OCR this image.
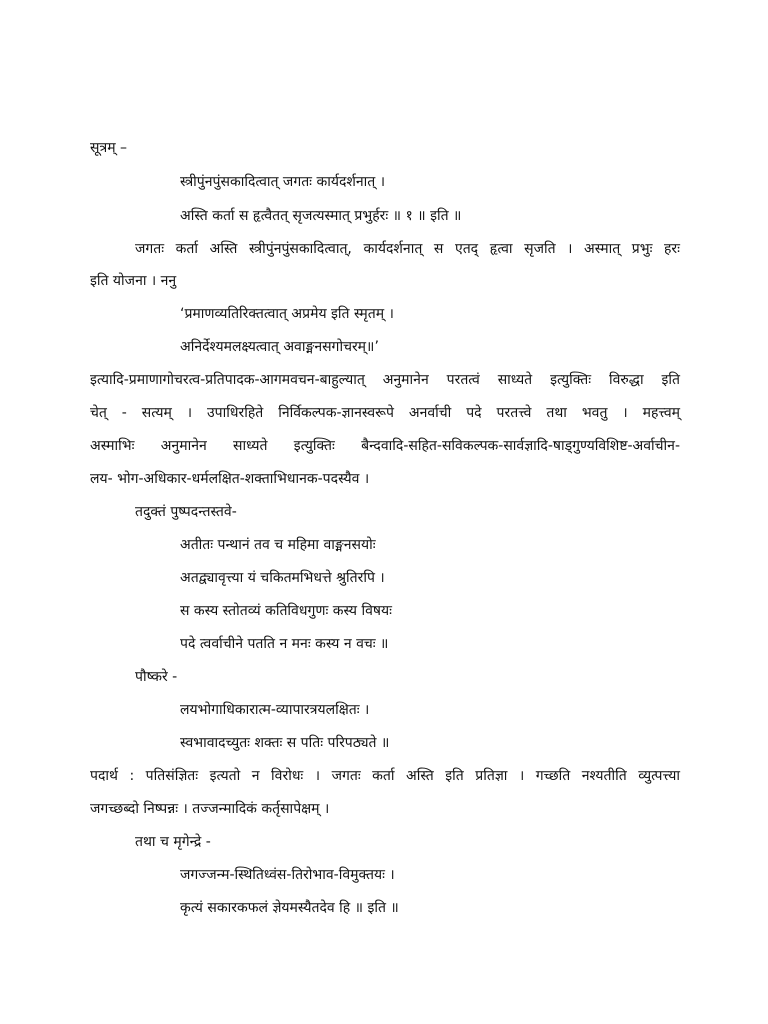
सूत्रम् –
स्त्रीपुंनपुंसकादित्वात् जगतः कार्यदर्शनात् ।
अस्ति कर्ता स हृत्वैतत् सृजत्यस्मात् प्रभुर्हरः ॥ १ ॥ इति ॥
जगतः कर्ता अस्ति स्त्रीपुंनपुंसकादित्वात्, कार्यदर्शनात् स एतद् हृत्वा सृजति । अस्मात् प्रभुः हरः
इति योजना । ननु
‘प्रमाणव्यतिरिक्तत्वात् अप्रमेय इति स्मृतम् ।
अनिर्देश्यमलक्ष्यत्वात् अवाङ्मनसगोचरम्॥’
इत्यादि-प्रमाणागोचरत्व-प्रतिपादक-आगमवचन-बाहुल्यात् अनुमानेन परतत्वं साध्यते इत्युक्तिः विरुद्धा इति
चेत् - सत्यम् । उपाधिरहिते निर्विकल्पक-ज्ञानस्वरूपे अनर्वाची पदे परतत्त्वे तथा भवतु । महत्त्वम्
अस्माभिः अनुमानेन साध्यते इत्युक्तिः बैन्दवादि-सहित-सविकल्पक-सार्वज्ञादि-षाड्गुण्यविशिष्ट-अर्वाचीन-
लय- भोग-अधिकार-धर्मलक्षित-शक्ताभिधानक-पदस्यैव ।
तदुक्तं पुष्पदन्तस्तवे-
अतीतः पन्थानं तव च महिमा वाङ्मनसयोः
अतद्व्यावृत्त्या यं चकितमभिधत्ते श्रुतिरपि ।
स कस्य स्तोतव्यं कतिविधगुणः कस्य विषयः
पदे त्वर्वाचीने पतति न मनः कस्य न वचः ॥
पौष्करे -
लयभोगाधिकारात्म-व्यापारत्रयलक्षितः ।
स्वभावादच्युतः शक्तः स पतिः परिपठ्यते ॥
पदार्थ : पतिसंज्ञितः इत्यतो न विरोधः । जगतः कर्ता अस्ति इति प्रतिज्ञा । गच्छति नश्यतीति व्युत्पत्त्या
जगच्छब्दो निष्पन्नः । तज्जन्मादिकं कर्तृसापेक्षम् ।
तथा च मृगेन्द्रे -
जगज्जन्म-स्थितिध्वंस-तिरोभाव-विमुक्तयः ।
कृत्यं सकारकफलं ज्ञेयमस्यैतदेव हि ॥ इति ॥
